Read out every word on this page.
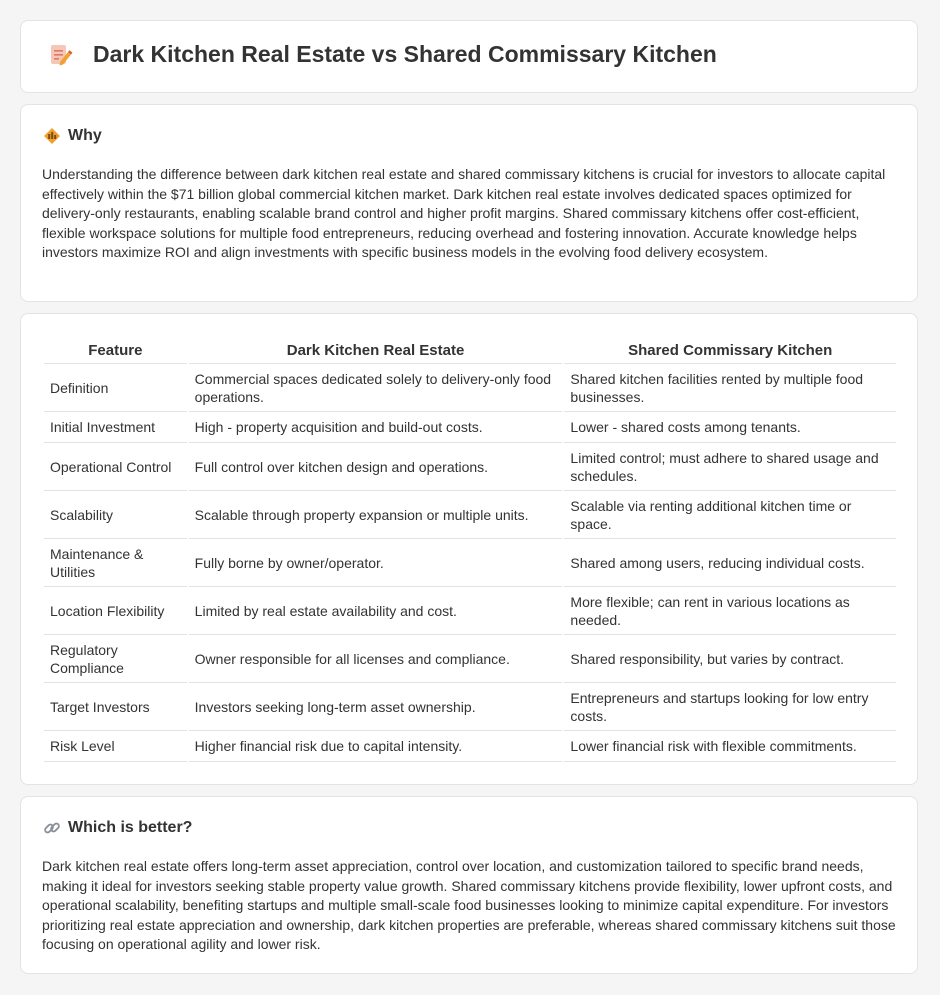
Dark Kitchen Real Estate vs Shared Commissary Kitchen
Why

Understanding the difference between dark kitchen real estate and shared commissary kitchens is crucial for investors to allocate capital effectively within the $71 billion global commercial kitchen market. Dark kitchen real estate involves dedicated spaces optimized for delivery-only restaurants, enabling scalable brand control and higher profit margins. Shared commissary kitchens offer cost-efficient, flexible workspace solutions for multiple food entrepreneurs, reducing overhead and fostering innovation. Accurate knowledge helps investors maximize ROI and align investments with specific business models in the evolving food delivery ecosystem.

Feature	Dark Kitchen Real Estate	Shared Commissary Kitchen
Definition	Commercial spaces dedicated solely to delivery-only food operations.	Shared kitchen facilities rented by multiple food businesses.
Initial Investment	High - property acquisition and build-out costs.	Lower - shared costs among tenants.
Operational Control	Full control over kitchen design and operations.	Limited control; must adhere to shared usage and schedules.
Scalability	Scalable through property expansion or multiple units.	Scalable via renting additional kitchen time or space.
Maintenance & Utilities	Fully borne by owner/operator.	Shared among users, reducing individual costs.
Location Flexibility	Limited by real estate availability and cost.	More flexible; can rent in various locations as needed.
Regulatory Compliance	Owner responsible for all licenses and compliance.	Shared responsibility, but varies by contract.
Target Investors	Investors seeking long-term asset ownership.	Entrepreneurs and startups looking for low entry costs.
Risk Level	Higher financial risk due to capital intensity.	Lower financial risk with flexible commitments.
Which is better?

Dark kitchen real estate offers long-term asset appreciation, control over location, and customization tailored to specific brand needs, making it ideal for investors seeking stable property value growth. Shared commissary kitchens provide flexibility, lower upfront costs, and operational scalability, benefiting startups and multiple small-scale food businesses looking to minimize capital expenditure. For investors prioritizing real estate appreciation and ownership, dark kitchen properties are preferable, whereas shared commissary kitchens suit those focusing on operational agility and lower risk.
